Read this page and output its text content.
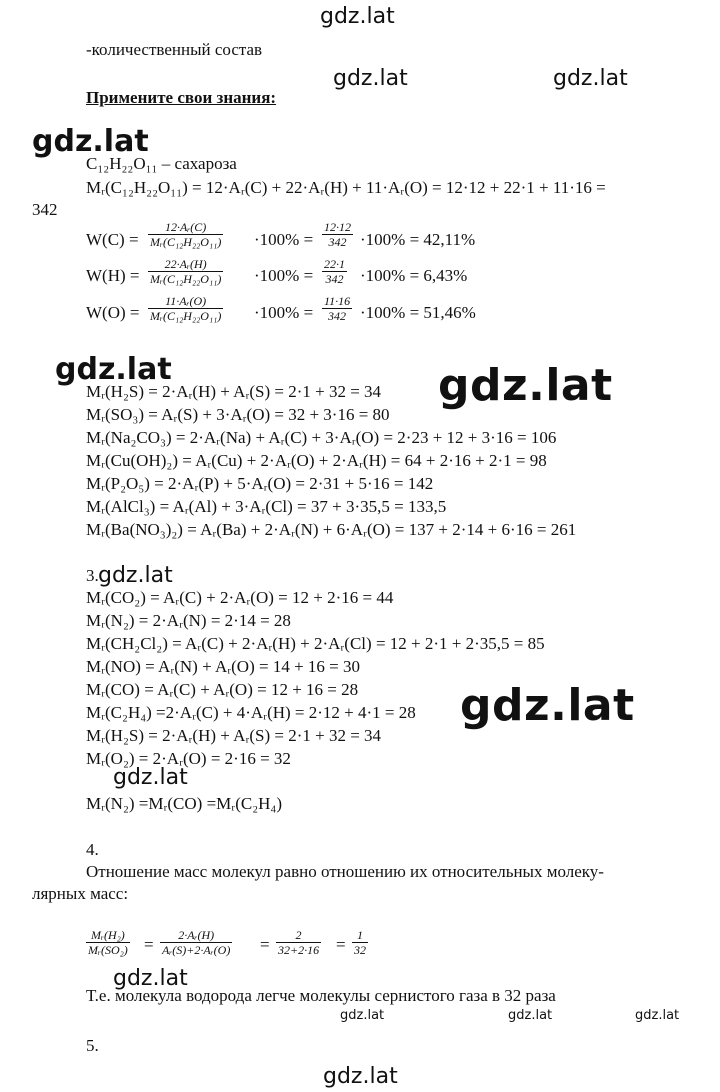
gdz.lat
gdz.lat	gdz.lat
gdz.lat
gdz.lat	gdz.lat
gdz.lat
gdz.lat
gdz.lat
gdz.lat
gdz.lat	gdz.lat	gdz.lat
gdz.lat
-количественный состав
Примените свои знания:
C₁₂H₂₂O₁₁ – сахароза
Mᵣ(C₁₂H₂₂O₁₁) = 12·Aᵣ(C) + 22·Aᵣ(H) + 11·Aᵣ(O) = 12·12 + 22·1 + 11·16 =
342
$W(C) = \frac{\text{12·Aᵣ(C)}}{\text{Mᵣ(C₁₂H₂₂O₁₁)}} \cdot 100\% = \frac{12\cdot 12}{342} \cdot 100\% = 42,11\%$
$W(H) = \frac{\text{22·Aᵣ(H)}}{\text{Mᵣ(C₁₂H₂₂O₁₁)}} \cdot 100\% = \frac{22\cdot 1}{342} \cdot 100\% = 6,43\%$
$W(O) = \frac{\text{11·Aᵣ(O)}}{\text{Mᵣ(C₁₂H₂₂O₁₁)}} \cdot 100\% = \frac{11\cdot 16}{342} \cdot 100\% = 51,46\%$
Mᵣ(H₂S) = 2·Aᵣ(H) + Aᵣ(S) = 2·1 + 32 = 34
Mᵣ(SO₃) = Aᵣ(S) + 3·Aᵣ(O) = 32 + 3·16 = 80
Mᵣ(Na₂CO₃) = 2·Aᵣ(Na) + Aᵣ(C) + 3·Aᵣ(O) = 2·23 + 12 + 3·16 = 106
Mᵣ(Cu(OH)₂) = Aᵣ(Cu) + 2·Aᵣ(O) + 2·Aᵣ(H) = 64 + 2·16 + 2·1 = 98
Mᵣ(P₂O₅) = 2·Aᵣ(P) + 5·Aᵣ(O) = 2·31 + 5·16 = 142
Mᵣ(AlCl₃) = Aᵣ(Al) + 3·Aᵣ(Cl) = 37 + 3·35,5 = 133,5
Mᵣ(Ba(NO₃)₂) = Aᵣ(Ba) + 2·Aᵣ(N) + 6·Aᵣ(O) = 137 + 2·14 + 6·16 = 261
3.
Mᵣ(CO₂) = Aᵣ(C) + 2·Aᵣ(O) = 12 + 2·16 = 44
Mᵣ(N₂) = 2·Aᵣ(N) = 2·14 = 28
Mᵣ(CH₂Cl₂) = Aᵣ(C) + 2·Aᵣ(H) + 2·Aᵣ(Cl) = 12 + 2·1 + 2·35,5 = 85
Mᵣ(NO) = Aᵣ(N) + Aᵣ(O) = 14 + 16 = 30
Mᵣ(CO) = Aᵣ(C) + Aᵣ(O) = 12 + 16 = 28
Mᵣ(C₂H₄) =2·Aᵣ(C) + 4·Aᵣ(H) = 2·12 + 4·1 = 28
Mᵣ(H₂S) = 2·Aᵣ(H) + Aᵣ(S) = 2·1 + 32 = 34
Mᵣ(O₂) = 2·Aᵣ(O) = 2·16 = 32
Mᵣ(N₂) =Mᵣ(CO) =Mᵣ(C₂H₄)
4.
Отношение масс молекул равно отношению их относительных молеку-
лярных масс:
$\frac{\text{Mᵣ(H₂)}}{\text{Mᵣ(SO₂)}} = \frac{\text{2·Aᵣ(H)}}{\text{Aᵣ(S)+2·Aᵣ(O)}} = \frac{2}{32+2\cdot 16} = \frac{1}{32}$
Т.е. молекула водорода легче молекулы сернистого газа в 32 раза
5.
